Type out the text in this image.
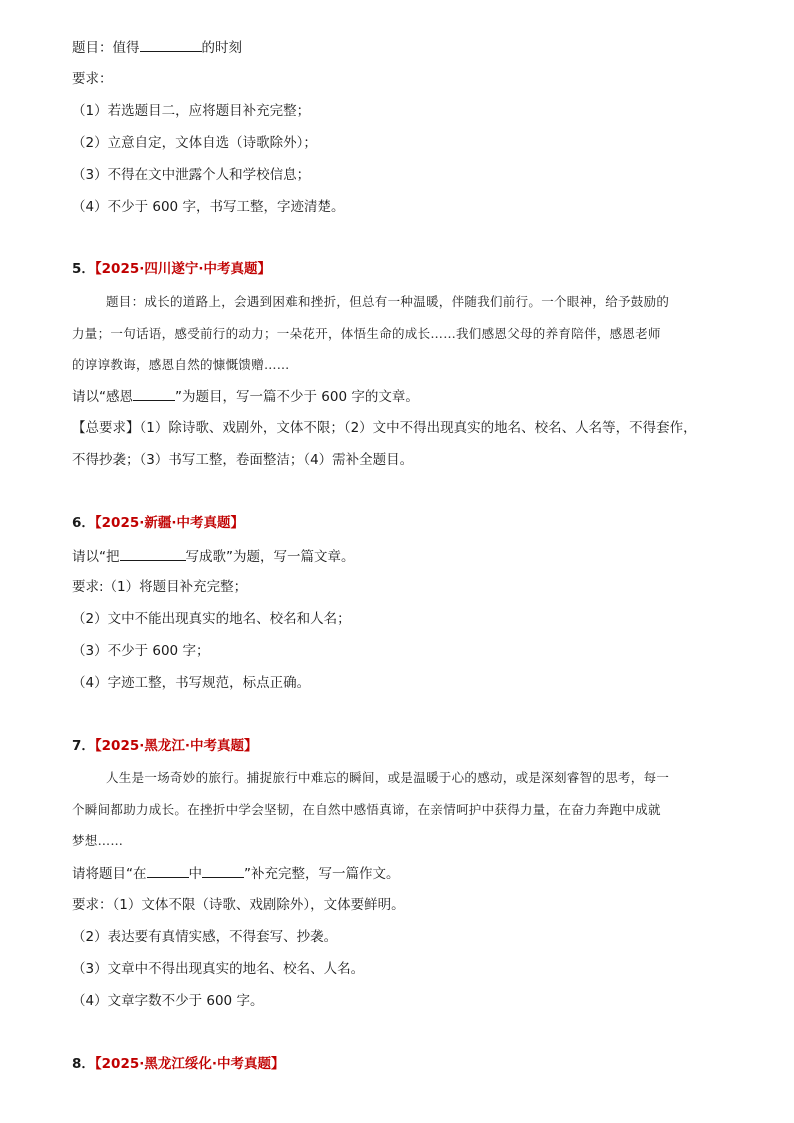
题目：值得	的时刻
要求：
（1）若选题目二，应将题目补充完整；
（2）立意自定，文体自选（诗歌除外）；
（3）不得在文中泄露个人和学校信息；
（4）不少于 600 字，书写工整，字迹清楚。
5．【2025·四川遂宁·中考真题】
题目：成长的道路上，会遇到困难和挫折，但总有一种温暖，伴随我们前行。一个眼神，给予鼓励的
力量；一句话语，感受前行的动力；一朵花开，体悟生命的成长……我们感恩父母的养育陪伴，感恩老师
的谆谆教诲，感恩自然的慷慨馈赠……
请以“感恩	”为题目，写一篇不少于 600 字的文章。
【总要求】（1）除诗歌、戏剧外，文体不限；（2）文中不得出现真实的地名、校名、人名等，不得套作，
不得抄袭；（3）书写工整，卷面整洁；（4）需补全题目。
6．【2025·新疆·中考真题】
请以“把	写成歌”为题，写一篇文章。
要求:（1）将题目补充完整；
（2）文中不能出现真实的地名、校名和人名；
（3）不少于 600 字；
（4）字迹工整，书写规范，标点正确。
7．【2025·黑龙江·中考真题】
人生是一场奇妙的旅行。捕捉旅行中难忘的瞬间，或是温暖于心的感动，或是深刻睿智的思考，每一
个瞬间都助力成长。在挫折中学会坚韧，在自然中感悟真谛，在亲情呵护中获得力量，在奋力奔跑中成就
梦想……
请将题目“在	中	”补充完整，写一篇作文。
要求：（1）文体不限（诗歌、戏剧除外），文体要鲜明。
（2）表达要有真情实感，不得套写、抄袭。
（3）文章中不得出现真实的地名、校名、人名。
（4）文章字数不少于 600 字。
8．【2025·黑龙江绥化·中考真题】
